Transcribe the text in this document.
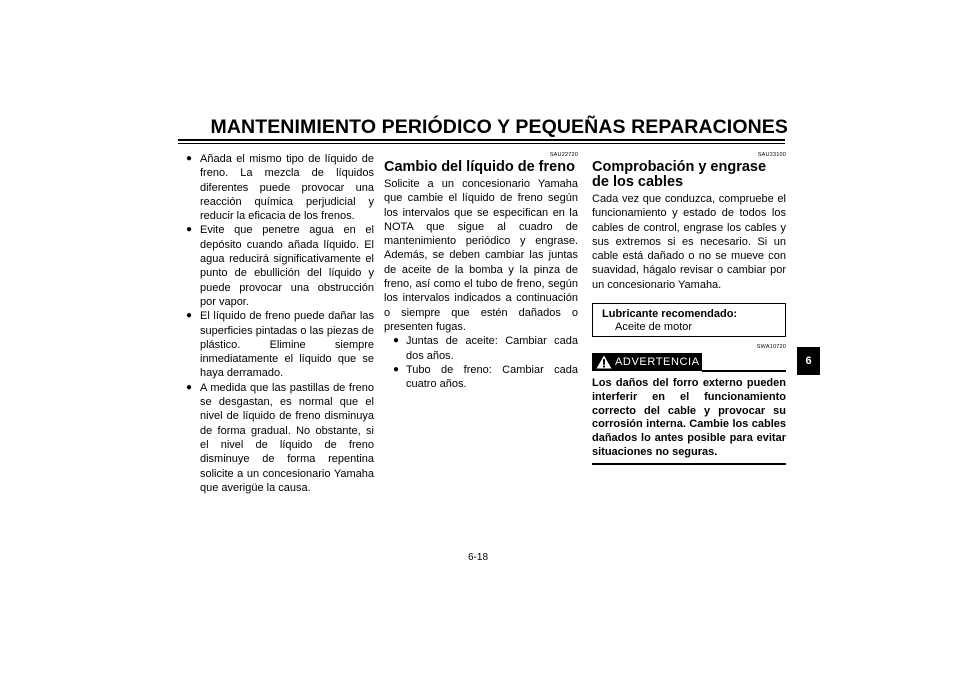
MANTENIMIENTO PERIÓDICO Y PEQUEÑAS REPARACIONES
● Añada el mismo tipo de líquido de freno. La mezcla de líquidos diferentes puede provocar una reacción química perjudicial y reducir la eficacia de los frenos.
● Evite que penetre agua en el depósito cuando añada líquido. El agua reducirá significativamente el punto de ebullición del líquido y puede provocar una obstrucción por vapor.
● El líquido de freno puede dañar las superficies pintadas o las piezas de plástico. Elimine siempre inmediatamente el líquido que se haya derramado.
● A medida que las pastillas de freno se desgastan, es normal que el nivel de líquido de freno disminuya de forma gradual. No obstante, si el nivel de líquido de freno disminuye de forma repentina solicite a un concesionario Yamaha que averigüe la causa.
SAU22720
Cambio del líquido de freno
Solicite a un concesionario Yamaha que cambie el líquido de freno según los intervalos que se especifican en la NOTA que sigue al cuadro de mantenimiento periódico y engrase. Además, se deben cambiar las juntas de aceite de la bomba y la pinza de freno, así como el tubo de freno, según los intervalos indicados a continuación o siempre que estén dañados o presenten fugas.
● Juntas de aceite: Cambiar cada dos años.
● Tubo de freno: Cambiar cada cuatro años.
SAU23100
Comprobación y engrase de los cables
Cada vez que conduzca, compruebe el funcionamiento y estado de todos los cables de control, engrase los cables y sus extremos si es necesario. Si un cable está dañado o no se mueve con suavidad, hágalo revisar o cambiar por un concesionario Yamaha.
Lubricante recomendado:
Aceite de motor
SWA10720
ADVERTENCIA
Los daños del forro externo pueden interferir en el funcionamiento correcto del cable y provocar su corrosión interna. Cambie los cables dañados lo antes posible para evitar situaciones no seguras.
6-18
6
